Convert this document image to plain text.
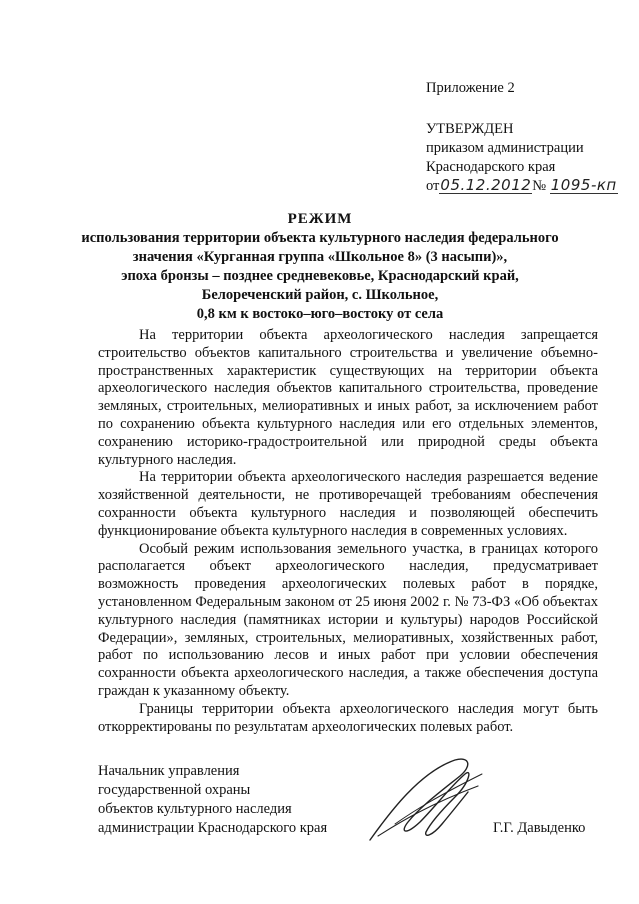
Приложение 2
УТВЕРЖДЕН
приказом администрации
Краснодарского края
от05.12.2012№ 1095-кп
РЕЖИМ
использования территории объекта культурного наследия федерального
значения «Курганная группа «Школьное 8» (3 насыпи)»,
эпоха бронзы – позднее средневековье, Краснодарский край,
Белореченский район, с. Школьное,
0,8 км к востоко–юго–востоку от села

На территории объекта археологического наследия запрещается строительство объектов капитального строительства и увеличение объемно-пространственных характеристик существующих на территории объекта археологического наследия объектов капитального строительства, проведение земляных, строительных, мелиоративных и иных работ, за исключением работ по сохранению объекта культурного наследия или его отдельных элементов, сохранению историко-градостроительной или природной среды объекта культурного наследия.

На территории объекта археологического наследия разрешается ведение хозяйственной деятельности, не противоречащей требованиям обеспечения сохранности объекта культурного наследия и позволяющей обеспечить функционирование объекта культурного наследия в современных условиях.

Особый режим использования земельного участка, в границах которого располагается объект археологического наследия, предусматривает возможность проведения археологических полевых работ в порядке, установленном Федеральным законом от 25 июня 2002 г. № 73-ФЗ «Об объектах культурного наследия (памятниках истории и культуры) народов Российской Федерации», земляных, строительных, мелиоративных, хозяйственных работ, работ по использованию лесов и иных работ при условии обеспечения сохранности объекта археологического наследия, а также обеспечения доступа граждан к указанному объекту.

Границы территории объекта археологического наследия могут быть откорректированы по результатам археологических полевых работ.

Начальник управления
государственной охраны
объектов культурного наследия
администрации Краснодарского края	Г.Г. Давыденко
